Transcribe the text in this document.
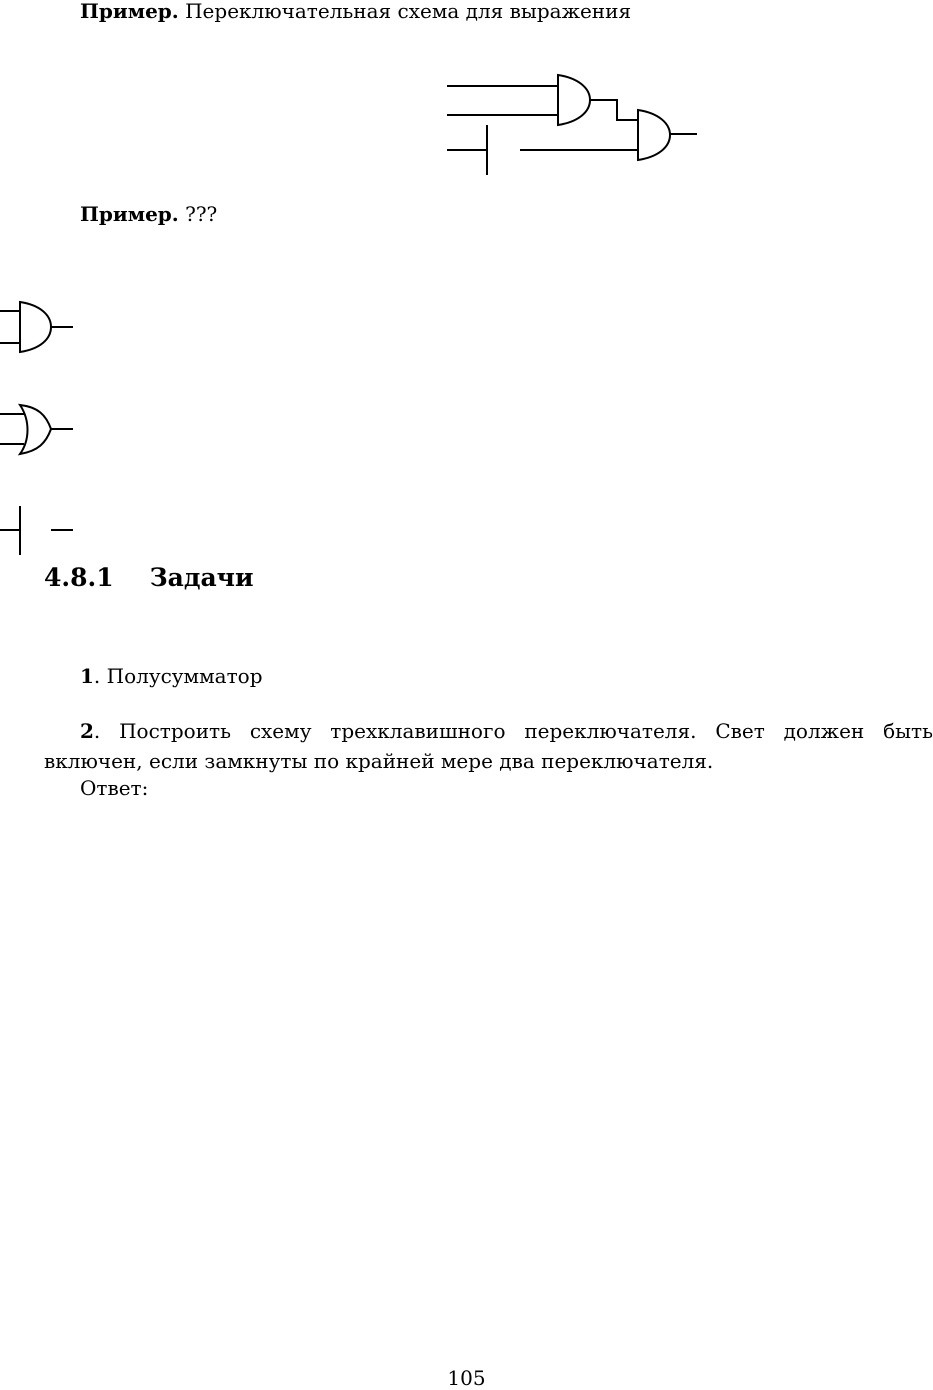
Пример. Переключательная схема для выражения
Пример. ???
4.8.1 Задачи
1. Полусумматор
2. Построить схему трехклавишного переключателя. Свет должен быть включен, если замкнуты по крайней мере два переключателя.
Ответ:
105
